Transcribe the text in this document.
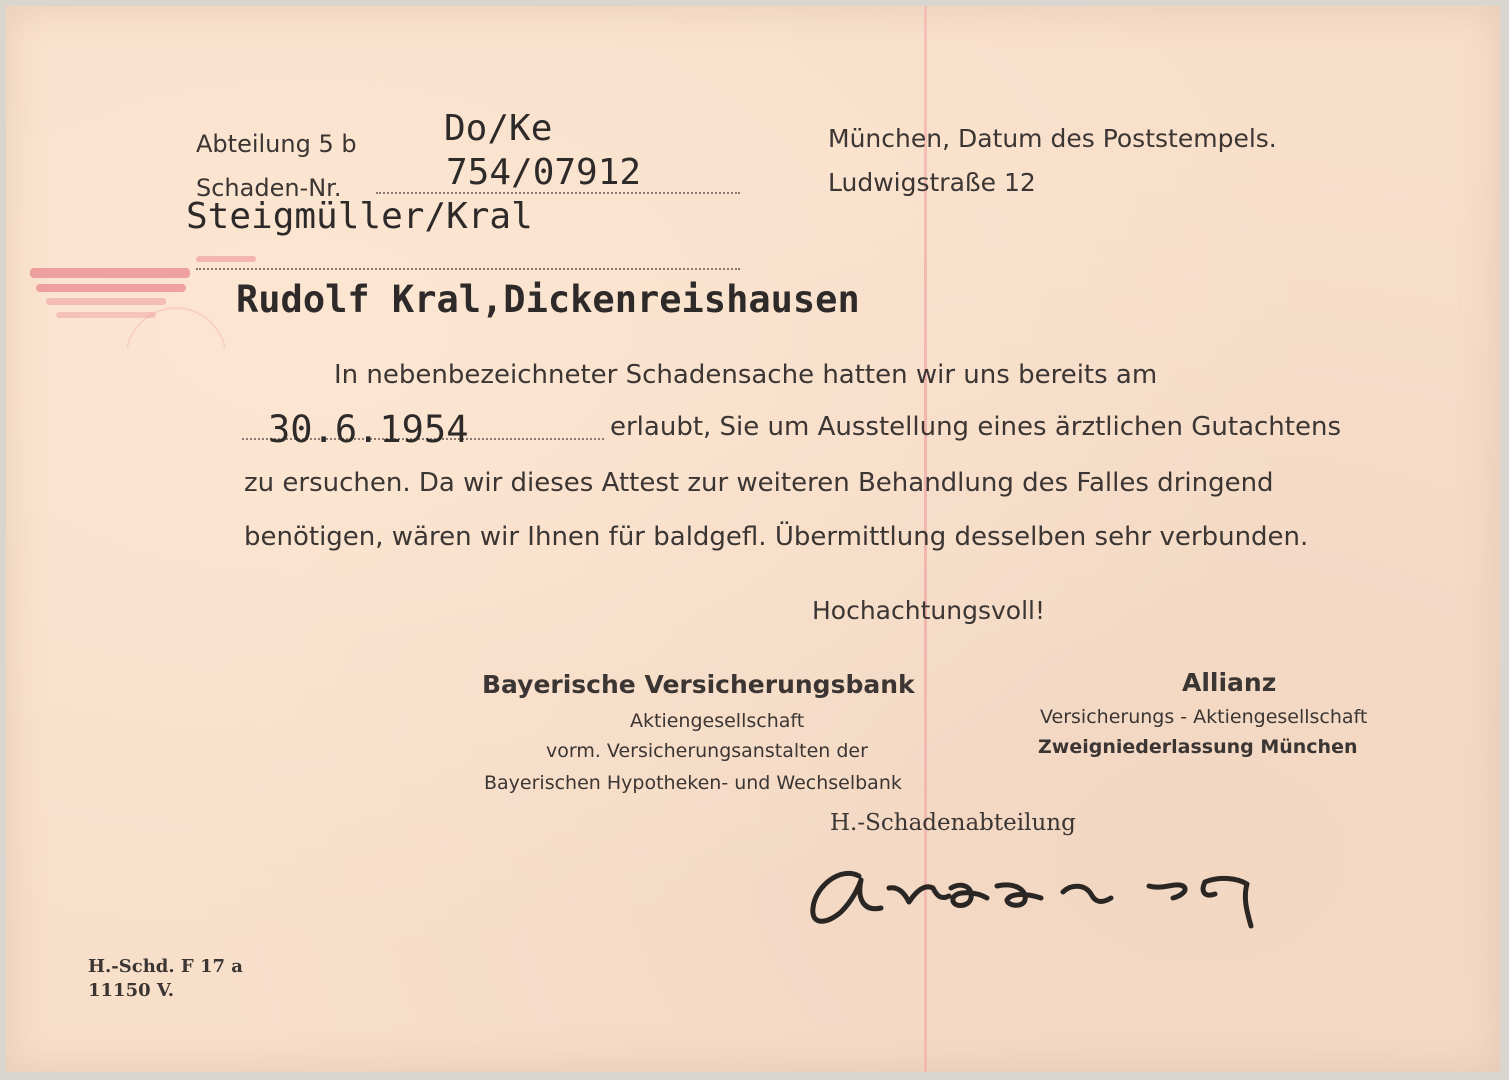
Abteilung 5 b
Schaden-Nr.
Do/Ke
754/07912
Steigmüller/Kral
München, Datum des Poststempels.
Ludwigstraße 12
Rudolf Kral,Dickenreishausen
In nebenbezeichneter Schadensache hatten wir uns bereits am
30.6.1954	erlaubt, Sie um Ausstellung eines ärztlichen Gutachtens
zu ersuchen. Da wir dieses Attest zur weiteren Behandlung des Falles dringend
benötigen, wären wir Ihnen für baldgefl. Übermittlung desselben sehr verbunden.
Hochachtungsvoll!
Bayerische Versicherungsbank
Aktiengesellschaft
vorm. Versicherungsanstalten der
Bayerischen Hypotheken- und Wechselbank
Allianz
Versicherungs - Aktiengesellschaft
Zweigniederlassung München
H.-Schadenabteilung
H.-Schd. F 17 a
11150 V.
